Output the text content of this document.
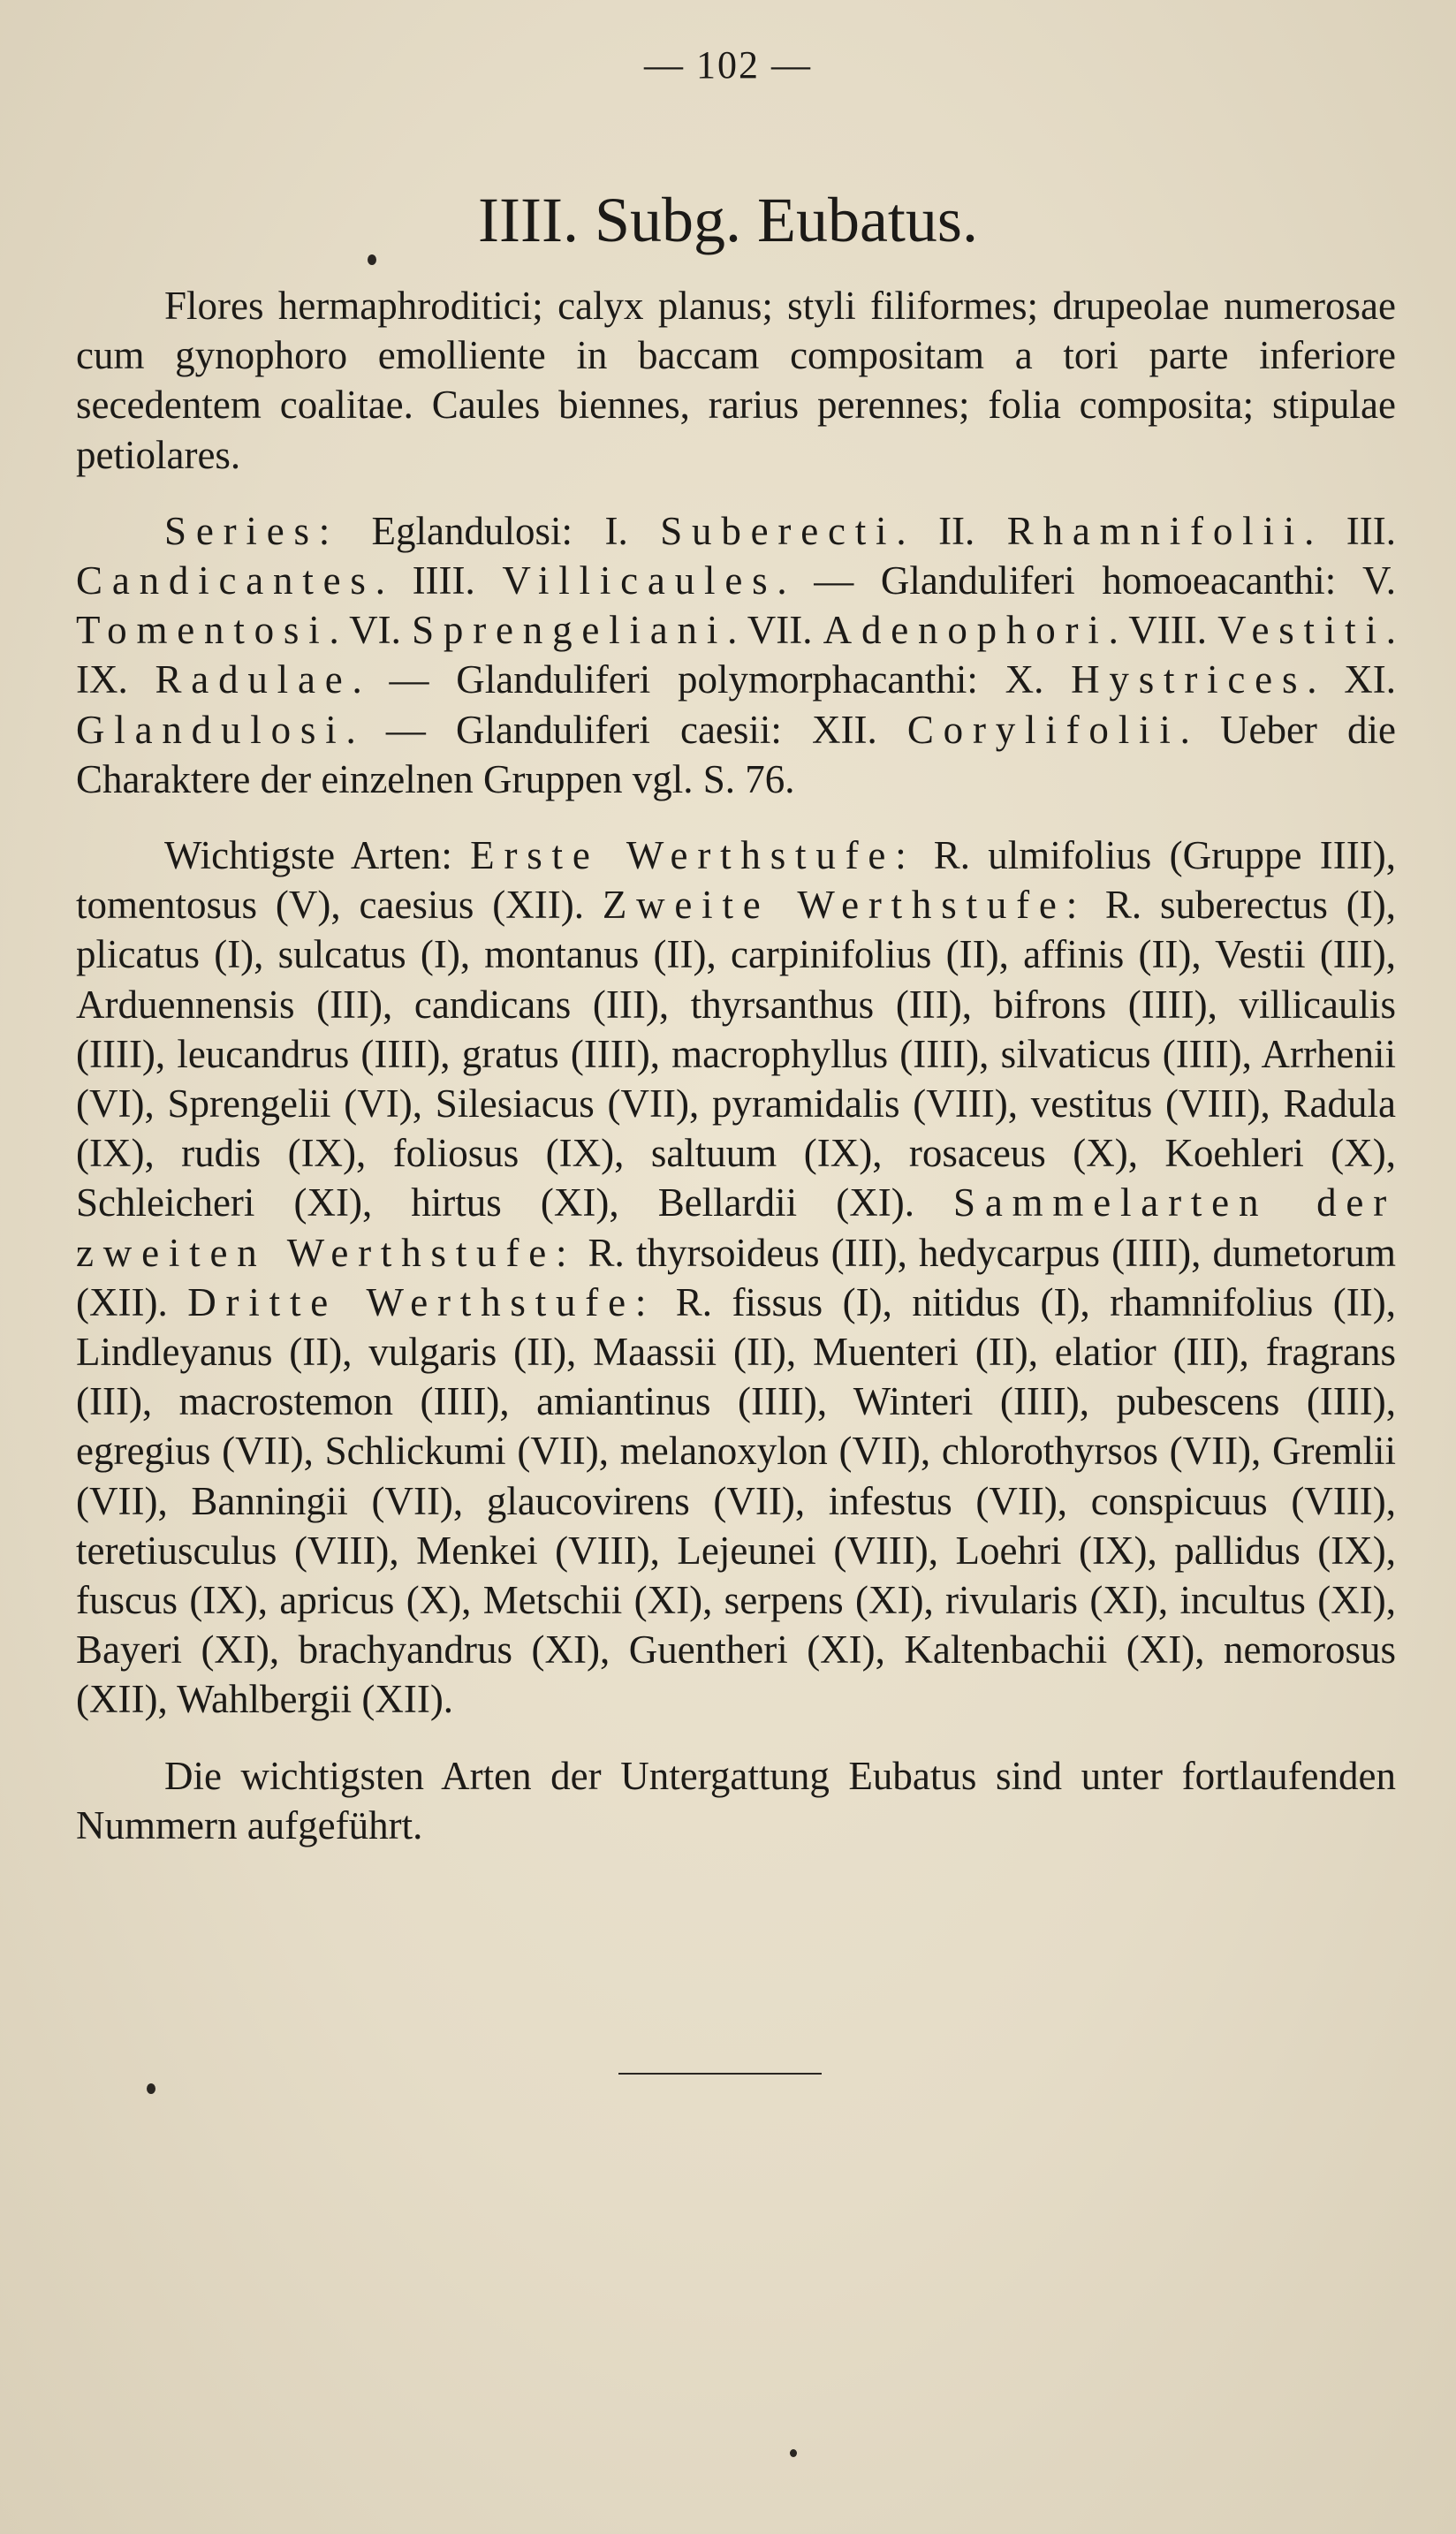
— 102 —
IIII. Subg. Eubatus.

Flores hermaphroditici; calyx planus; styli filiformes; drupeolae numerosae cum gynophoro emolliente in baccam compositam a tori parte inferiore secedentem coalitae. Caules biennes, rarius perennes; folia composita; stipulae petiolares.

Series: Eglandulosi: I. Suberecti. II. Rhamnifolii. III. Candicantes. IIII. Villicaules. — Glanduliferi homoeacanthi: V. Tomentosi. VI. Sprengeliani. VII. Adenophori. VIII. Vestiti. IX. Radulae. — Glanduliferi polymorphacanthi: X. Hystrices. XI. Glandulosi. — Glanduliferi caesii: XII. Corylifolii. Ueber die Charaktere der einzelnen Gruppen vgl. S. 76.

Wichtigste Arten: Erste Werthstufe: R. ulmifolius (Gruppe IIII), tomentosus (V), caesius (XII). Zweite Werthstufe: R. suberectus (I), plicatus (I), sulcatus (I), montanus (II), carpinifolius (II), affinis (II), Vestii (III), Arduennensis (III), candicans (III), thyrsanthus (III), bifrons (IIII), villicaulis (IIII), leucandrus (IIII), gratus (IIII), macrophyllus (IIII), silvaticus (IIII), Arrhenii (VI), Sprengelii (VI), Silesiacus (VII), pyramidalis (VIII), vestitus (VIII), Radula (IX), rudis (IX), foliosus (IX), saltuum (IX), rosaceus (X), Koehleri (X), Schleicheri (XI), hirtus (XI), Bellardii (XI). Sammelarten der zweiten Werthstufe: R. thyrsoideus (III), hedycarpus (IIII), dumetorum (XII). Dritte Werthstufe: R. fissus (I), nitidus (I), rhamnifolius (II), Lindleyanus (II), vulgaris (II), Maassii (II), Muenteri (II), elatior (III), fragrans (III), macrostemon (IIII), amiantinus (IIII), Winteri (IIII), pubescens (IIII), egregius (VII), Schlickumi (VII), melanoxylon (VII), chlorothyrsos (VII), Gremlii (VII), Banningii (VII), glaucovirens (VII), infestus (VII), conspicuus (VIII), teretiusculus (VIII), Menkei (VIII), Lejeunei (VIII), Loehri (IX), pallidus (IX), fuscus (IX), apricus (X), Metschii (XI), serpens (XI), rivularis (XI), incultus (XI), Bayeri (XI), brachyandrus (XI), Guentheri (XI), Kaltenbachii (XI), nemorosus (XII), Wahlbergii (XII).

Die wichtigsten Arten der Untergattung Eubatus sind unter fortlaufenden Nummern aufgeführt.
